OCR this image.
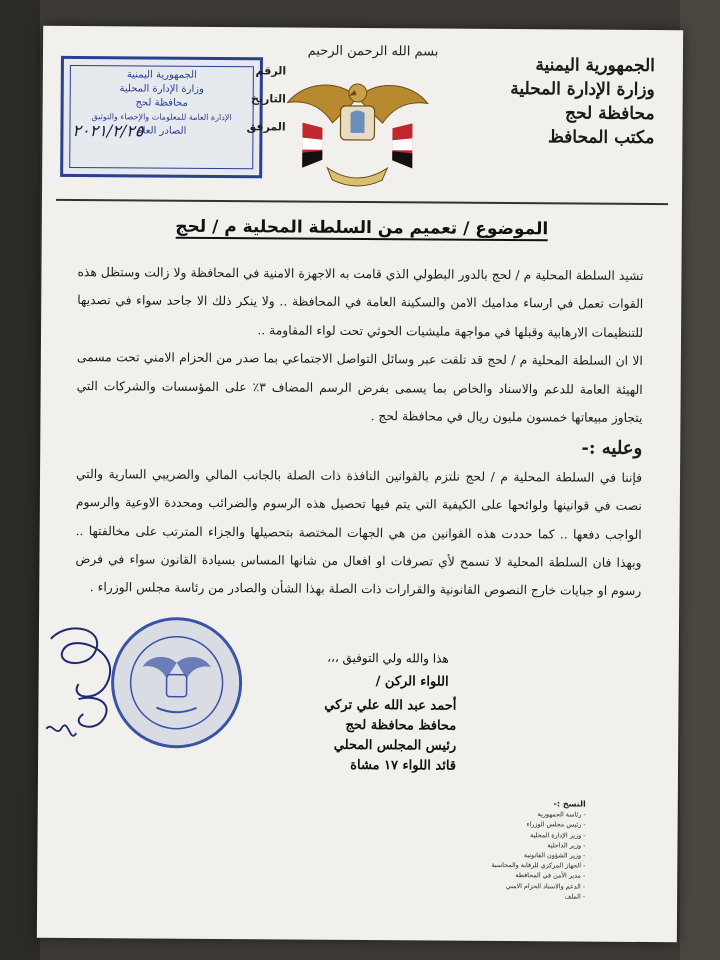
بسم الله الرحمن الرحيم
الجمهورية اليمنية
وزارة الإدارة المحلية
محافظة لحج
مكتب المحافظ
الجمهورية اليمنية
وزارة الإدارة المحلية
محافظة لحج
الإدارة العامة للمعلومات والإحصاء والتوثيق
الصادر العام
٢٠٢١/٢/٢٥
الرقم
التاريخ
المرفق
الموضوع / تعميم من السلطة المحلية م / لحج

تشيد السلطة المحلية م / لحج بالدور البطولي الذي قامت به الاجهزة الامنية في المحافظة ولا زالت وستظل هذه القوات تعمل في ارساء مداميك الامن والسكينة العامة في المحافظة .. ولا ينكر ذلك الا جاحد سواء في تصديها للتنظيمات الارهابية وقبلها في مواجهة مليشيات الحوثي تحت لواء المقاومة ..

الا ان السلطة المحلية م / لحج قد تلقت عبر وسائل التواصل الاجتماعي بما صدر من الحزام الامني تحت مسمى الهيئة العامة للدعم والاسناد والخاص بما يسمى بفرض الرسم المضاف ٣٪ على المؤسسات والشركات التي يتجاوز مبيعاتها خمسون مليون ريال في محافظة لحج .

وعليه :-

فإننا في السلطة المحلية م / لحج نلتزم بالقوانين النافذة ذات الصلة بالجانب المالي والضريبي السارية والتي نصت في قوانينها ولوائحها على الكيفية التي يتم فيها تحصيل هذه الرسوم والضرائب ومحددة الاوعية والرسوم الواجب دفعها .. كما حددت هذه القوانين من هي الجهات المختصة بتحصيلها والجزاء المترتب على مخالفتها .. وبهذا فان السلطة المحلية لا تسمح لأي تصرفات او افعال من شانها المساس بسيادة القانون سواء في فرض رسوم او جبايات خارج النصوص القانونية والقرارات ذات الصلة بهذا الشأن والصادر من رئاسة مجلس الوزراء .

هذا والله ولي التوفيق ،،،
اللواء الركن /
أحمد عبد الله علي تركي
محافظ محافظة لحج
رئيس المجلس المحلي
قائد اللواء ١٧ مشاة
النسخ :-
- رئاسة الجمهورية
- رئيس مجلس الوزراء
- وزير الإدارة المحلية
- وزير الداخلية
- وزير الشؤون القانونية
- الجهاز المركزي للرقابة والمحاسبة
- مدير الأمن في المحافظة
- الدعم والاسناد الحزام الامني
- الملف
